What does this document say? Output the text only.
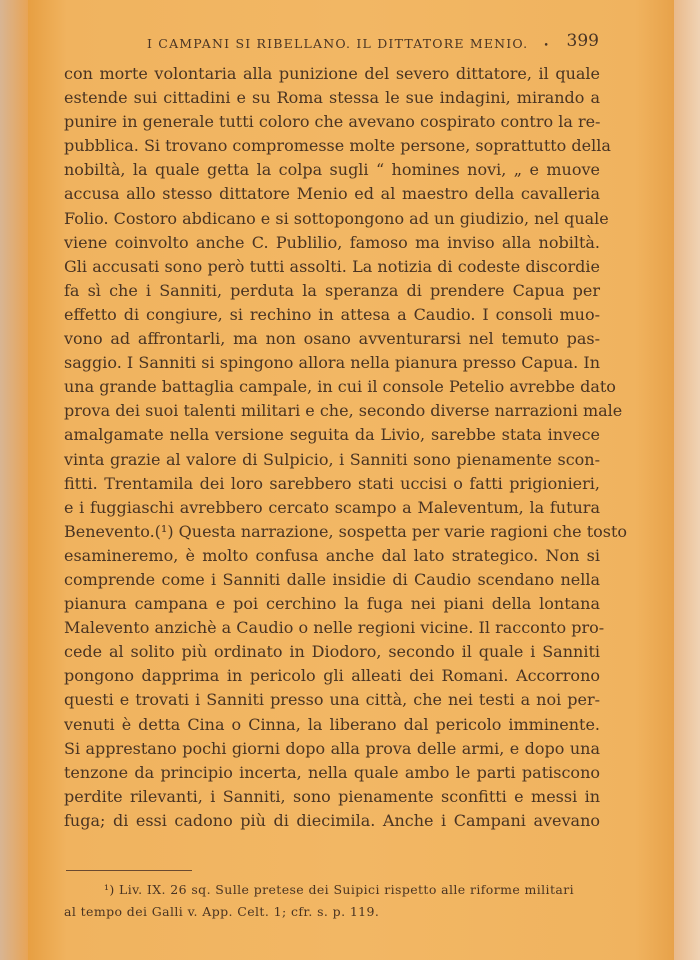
I CAMPANI SI RIBELLANO. IL DITTATORE MENIO. • 399
con morte volontaria alla punizione del severo dittatore, il quale
estende sui cittadini e su Roma stessa le sue indagini, mirando a
punire in generale tutti coloro che avevano cospirato contro la re-
pubblica. Si trovano compromesse molte persone, soprattutto della
nobiltà, la quale getta la colpa sugli “ homines novi, „ e muove
accusa allo stesso dittatore Menio ed al maestro della cavalleria
Folio. Costoro abdicano e si sottopongono ad un giudizio, nel quale
viene coinvolto anche C. Publilio, famoso ma inviso alla nobiltà.
Gli accusati sono però tutti assolti. La notizia di codeste discordie
fa sì che i Sanniti, perduta la speranza di prendere Capua per
effetto di congiure, si rechino in attesa a Caudio. I consoli muo-
vono ad affrontarli, ma non osano avventurarsi nel temuto pas-
saggio. I Sanniti si spingono allora nella pianura presso Capua. In
una grande battaglia campale, in cui il console Petelio avrebbe dato
prova dei suoi talenti militari e che, secondo diverse narrazioni male
amalgamate nella versione seguita da Livio, sarebbe stata invece
vinta grazie al valore di Sulpicio, i Sanniti sono pienamente scon-
fitti. Trentamila dei loro sarebbero stati uccisi o fatti prigionieri,
e i fuggiaschi avrebbero cercato scampo a Maleventum, la futura
Benevento.(¹) Questa narrazione, sospetta per varie ragioni che tosto
esamineremo, è molto confusa anche dal lato strategico. Non si
comprende come i Sanniti dalle insidie di Caudio scendano nella
pianura campana e poi cerchino la fuga nei piani della lontana
Malevento anzichè a Caudio o nelle regioni vicine. Il racconto pro-
cede al solito più ordinato in Diodoro, secondo il quale i Sanniti
pongono dapprima in pericolo gli alleati dei Romani. Accorrono
questi e trovati i Sanniti presso una città, che nei testi a noi per-
venuti è detta Cina o Cinna, la liberano dal pericolo imminente.
Si apprestano pochi giorni dopo alla prova delle armi, e dopo una
tenzone da principio incerta, nella quale ambo le parti patiscono
perdite rilevanti, i Sanniti, sono pienamente sconfitti e messi in
fuga; di essi cadono più di diecimila. Anche i Campani avevano
¹) Liv. IX. 26 sq. Sulle pretese dei Suipici rispetto alle riforme militari
al tempo dei Galli v. App. Celt. 1; cfr. s. p. 119.
